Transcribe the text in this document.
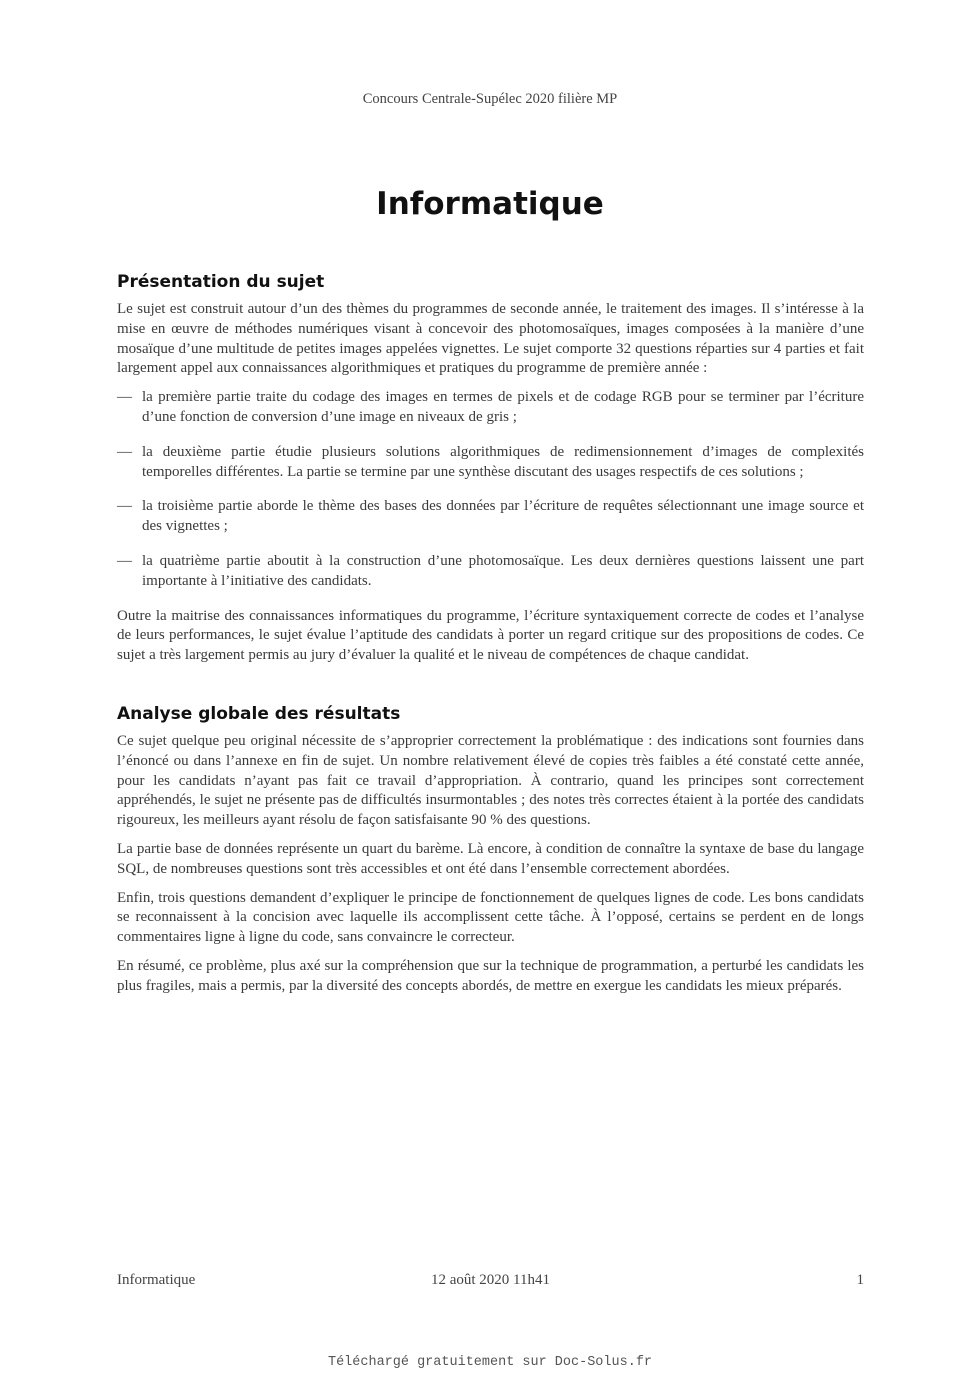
Concours Centrale-Supélec 2020 filière MP
Informatique
Présentation du sujet

Le sujet est construit autour d’un des thèmes du programmes de seconde année, le traitement des images. Il s’intéresse à la mise en œuvre de méthodes numériques visant à concevoir des photomosaïques, images composées à la manière d’une mosaïque d’une multitude de petites images appelées vignettes. Le sujet comporte 32 questions réparties sur 4 parties et fait largement appel aux connaissances algorithmiques et pratiques du programme de première année :

— la première partie traite du codage des images en termes de pixels et de codage RGB pour se terminer par l’écriture d’une fonction de conversion d’une image en niveaux de gris ;
— la deuxième partie étudie plusieurs solutions algorithmiques de redimensionnement d’images de complexités temporelles différentes. La partie se termine par une synthèse discutant des usages respectifs de ces solutions ;
— la troisième partie aborde le thème des bases des données par l’écriture de requêtes sélectionnant une image source et des vignettes ;
— la quatrième partie aboutit à la construction d’une photomosaïque. Les deux dernières questions laissent une part importante à l’initiative des candidats.

Outre la maitrise des connaissances informatiques du programme, l’écriture syntaxiquement correcte de codes et l’analyse de leurs performances, le sujet évalue l’aptitude des candidats à porter un regard critique sur des propositions de codes. Ce sujet a très largement permis au jury d’évaluer la qualité et le niveau de compétences de chaque candidat.

Analyse globale des résultats

Ce sujet quelque peu original nécessite de s’approprier correctement la problématique : des indications sont fournies dans l’énoncé ou dans l’annexe en fin de sujet. Un nombre relativement élevé de copies très faibles a été constaté cette année, pour les candidats n’ayant pas fait ce travail d’appropriation. À contrario, quand les principes sont correctement appréhendés, le sujet ne présente pas de difficultés insurmontables ; des notes très correctes étaient à la portée des candidats rigoureux, les meilleurs ayant résolu de façon satisfaisante 90 % des questions.

La partie base de données représente un quart du barème. Là encore, à condition de connaître la syntaxe de base du langage SQL, de nombreuses questions sont très accessibles et ont été dans l’ensemble correctement abordées.

Enfin, trois questions demandent d’expliquer le principe de fonctionnement de quelques lignes de code. Les bons candidats se reconnaissent à la concision avec laquelle ils accomplissent cette tâche. À l’opposé, certains se perdent en de longs commentaires ligne à ligne du code, sans convaincre le correcteur.

En résumé, ce problème, plus axé sur la compréhension que sur la technique de programmation, a perturbé les candidats les plus fragiles, mais a permis, par la diversité des concepts abordés, de mettre en exergue les candidats les mieux préparés.

Informatique	12 août 2020 11h41	1
Téléchargé gratuitement sur Doc-Solus.fr
